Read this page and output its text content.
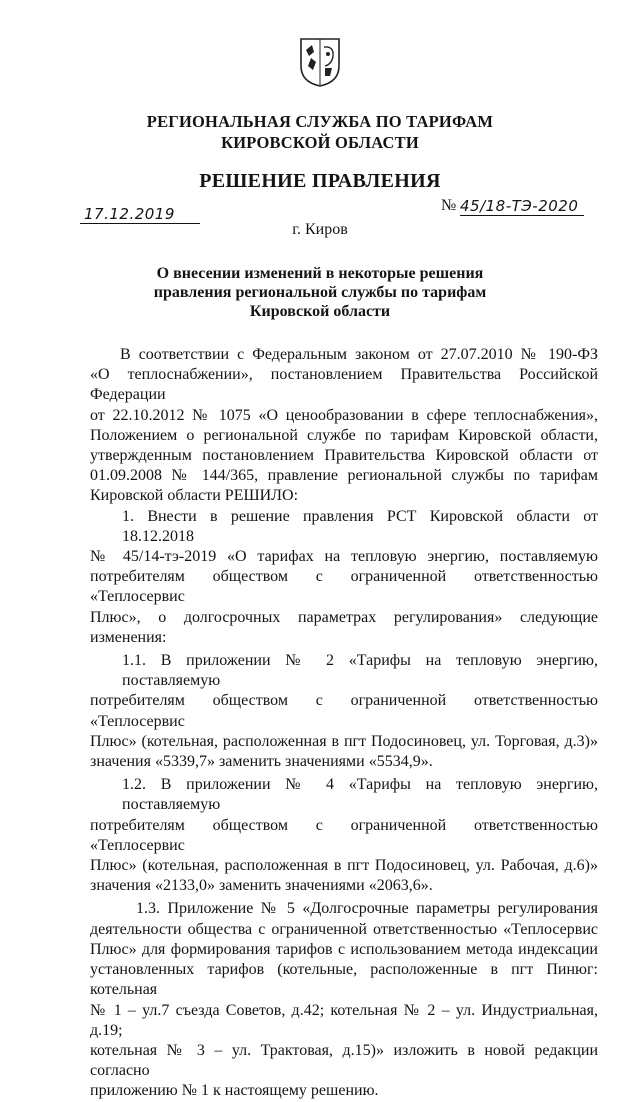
РЕГИОНАЛЬНАЯ СЛУЖБА ПО ТАРИФАМ
КИРОВСКОЙ ОБЛАСТИ
РЕШЕНИЕ ПРАВЛЕНИЯ
17.12.2019	№ 45/18-ТЭ-2020
г. Киров
О внесении изменений в некоторые решения
правления региональной службы по тарифам
Кировской области

В соответствии с Федеральным законом от 27.07.2010 № 190-ФЗ

«О теплоснабжении», постановлением Правительства Российской Федерации

от 22.10.2012 № 1075 «О ценообразовании в сфере теплоснабжения»,

Положением о региональной службе по тарифам Кировской области,

утвержденным постановлением Правительства Кировской области от

01.09.2008 № 144/365, правление региональной службы по тарифам

Кировской области РЕШИЛО:

1. Внести в решение правления РСТ Кировской области от 18.12.2018

№ 45/14-тэ-2019 «О тарифах на тепловую энергию, поставляемую

потребителям обществом с ограниченной ответственностью «Теплосервис

Плюс», о долгосрочных параметрах регулирования» следующие изменения:

1.1. В приложении № 2 «Тарифы на тепловую энергию, поставляемую

потребителям обществом с ограниченной ответственностью «Теплосервис

Плюс» (котельная, расположенная в пгт Подосиновец, ул. Торговая, д.3)»

значения «5339,7» заменить значениями «5534,9».

1.2. В приложении № 4 «Тарифы на тепловую энергию, поставляемую

потребителям обществом с ограниченной ответственностью «Теплосервис

Плюс» (котельная, расположенная в пгт Подосиновец, ул. Рабочая, д.6)»

значения «2133,0» заменить значениями «2063,6».

1.3. Приложение № 5 «Долгосрочные параметры регулирования

деятельности общества с ограниченной ответственностью «Теплосервис

Плюс» для формирования тарифов с использованием метода индексации

установленных тарифов (котельные, расположенные в пгт Пинюг: котельная

№ 1 – ул.7 съезда Советов, д.42; котельная № 2 – ул. Индустриальная, д.19;

котельная № 3 – ул. Трактовая, д.15)» изложить в новой редакции согласно

приложению № 1 к настоящему решению.
